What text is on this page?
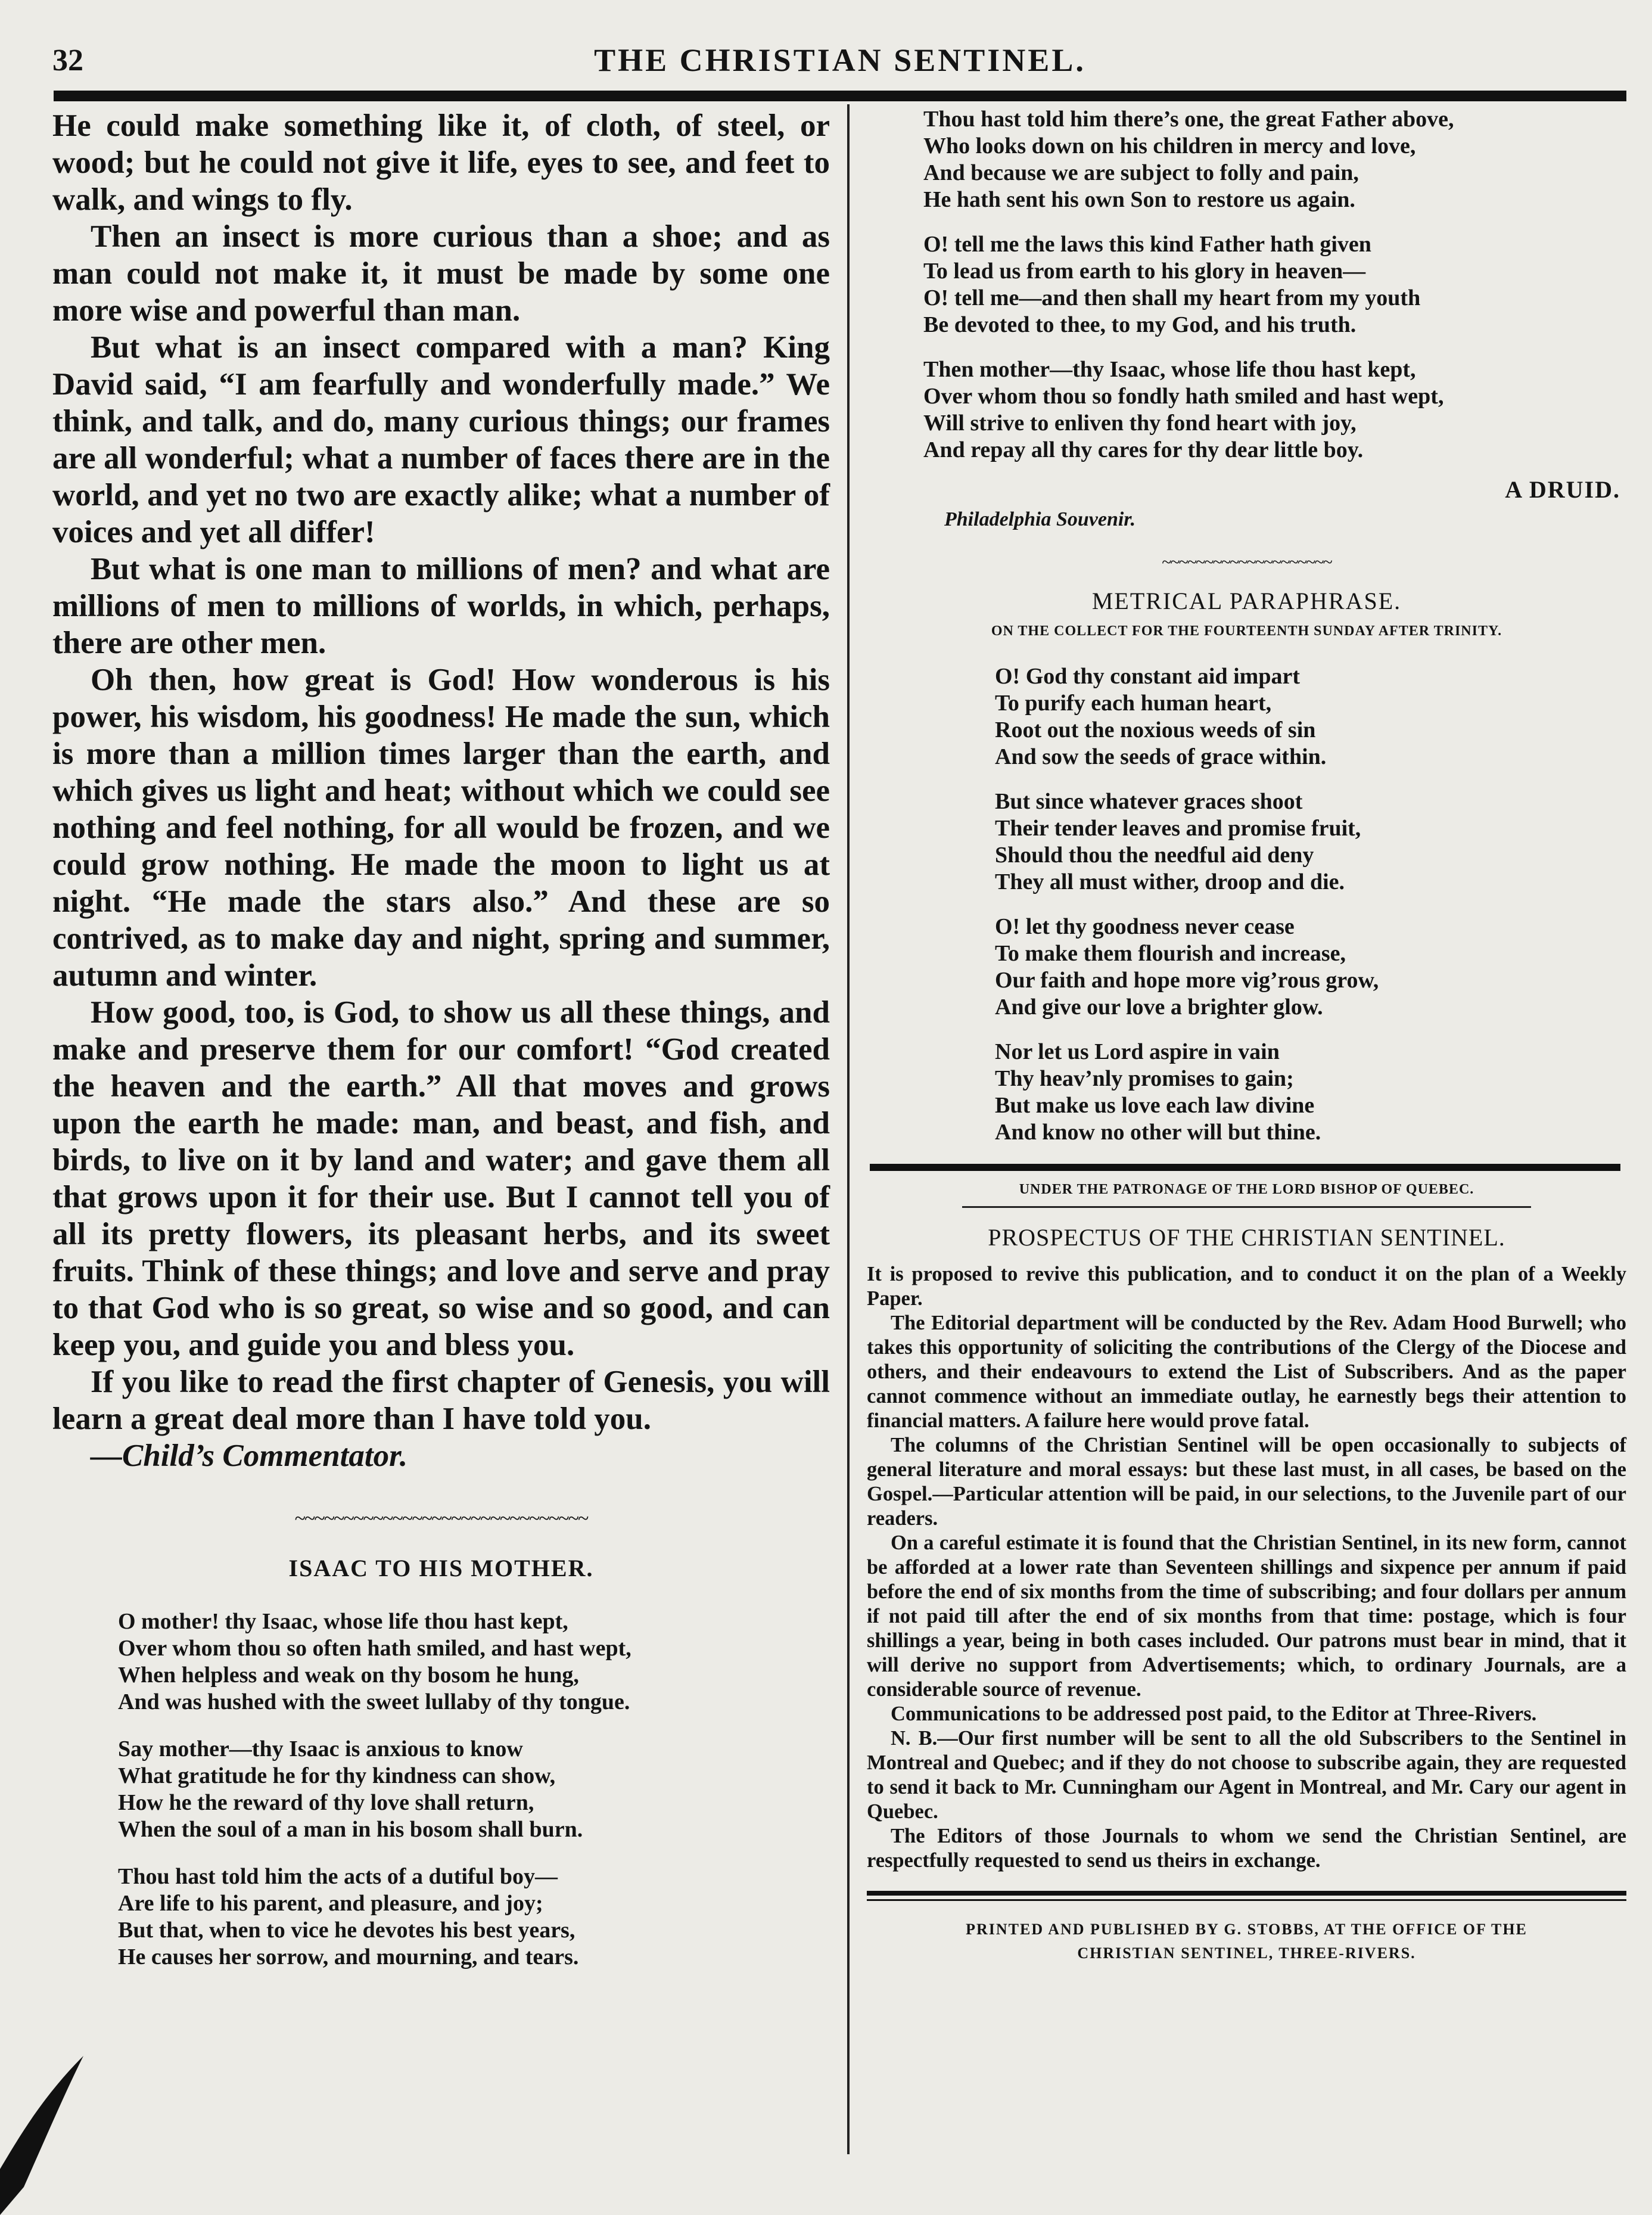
32	THE CHRISTIAN SENTINEL.

He could make something like it, of cloth, of steel, or wood; but he could not give it life, eyes to see, and feet to walk, and wings to fly.

Then an insect is more curious than a shoe; and as man could not make it, it must be made by some one more wise and powerful than man.

But what is an insect compared with a man? King David said, “I am fearfully and wonderfully made.” We think, and talk, and do, many curious things; our frames are all wonderful; what a number of faces there are in the world, and yet no two are exactly alike; what a number of voices and yet all differ!

But what is one man to millions of men? and what are millions of men to millions of worlds, in which, perhaps, there are other men.

Oh then, how great is God! How wonderous is his power, his wisdom, his goodness! He made the sun, which is more than a million times larger than the earth, and which gives us light and heat; without which we could see nothing and feel nothing, for all would be frozen, and we could grow nothing. He made the moon to light us at night. “He made the stars also.” And these are so contrived, as to make day and night, spring and summer, autumn and winter.

How good, too, is God, to show us all these things, and make and preserve them for our comfort! “God created the heaven and the earth.” All that moves and grows upon the earth he made: man, and beast, and fish, and birds, to live on it by land and water; and gave them all that grows upon it for their use. But I cannot tell you of all its pretty flowers, its pleasant herbs, and its sweet fruits. Think of these things; and love and serve and pray to that God who is so great, so wise and so good, and can keep you, and guide you and bless you.

If you like to read the first chapter of Genesis, you will learn a great deal more than I have told you.

—Child’s Commentator.

~~~~~~~~~~~~~~~~~~~~~~~~~~~~~~
ISAAC TO HIS MOTHER.
O mother! thy Isaac, whose life thou hast kept,
Over whom thou so often hath smiled, and hast wept,
When helpless and weak on thy bosom he hung,
And was hushed with the sweet lullaby of thy tongue.
Say mother—thy Isaac is anxious to know
What gratitude he for thy kindness can show,
How he the reward of thy love shall return,
When the soul of a man in his bosom shall burn.
Thou hast told him the acts of a dutiful boy—
Are life to his parent, and pleasure, and joy;
But that, when to vice he devotes his best years,
He causes her sorrow, and mourning, and tears.
Thou hast told him there’s one, the great Father above,
Who looks down on his children in mercy and love,
And because we are subject to folly and pain,
He hath sent his own Son to restore us again.
O! tell me the laws this kind Father hath given
To lead us from earth to his glory in heaven—
O! tell me—and then shall my heart from my youth
Be devoted to thee, to my God, and his truth.
Then mother—thy Isaac, whose life thou hast kept,
Over whom thou so fondly hath smiled and hast wept,
Will strive to enliven thy fond heart with joy,
And repay all thy cares for thy dear little boy.
A DRUID.
Philadelphia Souvenir.
~~~~~~~~~~~~~~~~~~~~
METRICAL PARAPHRASE.
ON THE COLLECT FOR THE FOURTEENTH SUNDAY AFTER TRINITY.
O! God thy constant aid impart
To purify each human heart,
Root out the noxious weeds of sin
And sow the seeds of grace within.
But since whatever graces shoot
Their tender leaves and promise fruit,
Should thou the needful aid deny
They all must wither, droop and die.
O! let thy goodness never cease
To make them flourish and increase,
Our faith and hope more vig’rous grow,
And give our love a brighter glow.
Nor let us Lord aspire in vain
Thy heav’nly promises to gain;
But make us love each law divine
And know no other will but thine.
UNDER THE PATRONAGE OF THE LORD BISHOP OF QUEBEC.
PROSPECTUS OF THE CHRISTIAN SENTINEL.

It is proposed to revive this publication, and to conduct it on the plan of a Weekly Paper.

The Editorial department will be conducted by the Rev. Adam Hood Burwell; who takes this opportunity of soliciting the contributions of the Clergy of the Diocese and others, and their endeavours to extend the List of Subscribers. And as the paper cannot commence without an immediate outlay, he earnestly begs their attention to financial matters. A failure here would prove fatal.

The columns of the Christian Sentinel will be open occasionally to subjects of general literature and moral essays: but these last must, in all cases, be based on the Gospel.—Particular attention will be paid, in our selections, to the Juvenile part of our readers.

On a careful estimate it is found that the Christian Sentinel, in its new form, cannot be afforded at a lower rate than Seventeen shillings and sixpence per annum if paid before the end of six months from the time of subscribing; and four dollars per annum if not paid till after the end of six months from that time: postage, which is four shillings a year, being in both cases included. Our patrons must bear in mind, that it will derive no support from Advertisements; which, to ordinary Journals, are a considerable source of revenue.

Communications to be addressed post paid, to the Editor at Three-Rivers.

N. B.—Our first number will be sent to all the old Subscribers to the Sentinel in Montreal and Quebec; and if they do not choose to subscribe again, they are requested to send it back to Mr. Cunningham our Agent in Montreal, and Mr. Cary our agent in Quebec.

The Editors of those Journals to whom we send the Christian Sentinel, are respectfully requested to send us theirs in exchange.

PRINTED AND PUBLISHED BY G. STOBBS, AT THE OFFICE OF THE
CHRISTIAN SENTINEL, THREE-RIVERS.
